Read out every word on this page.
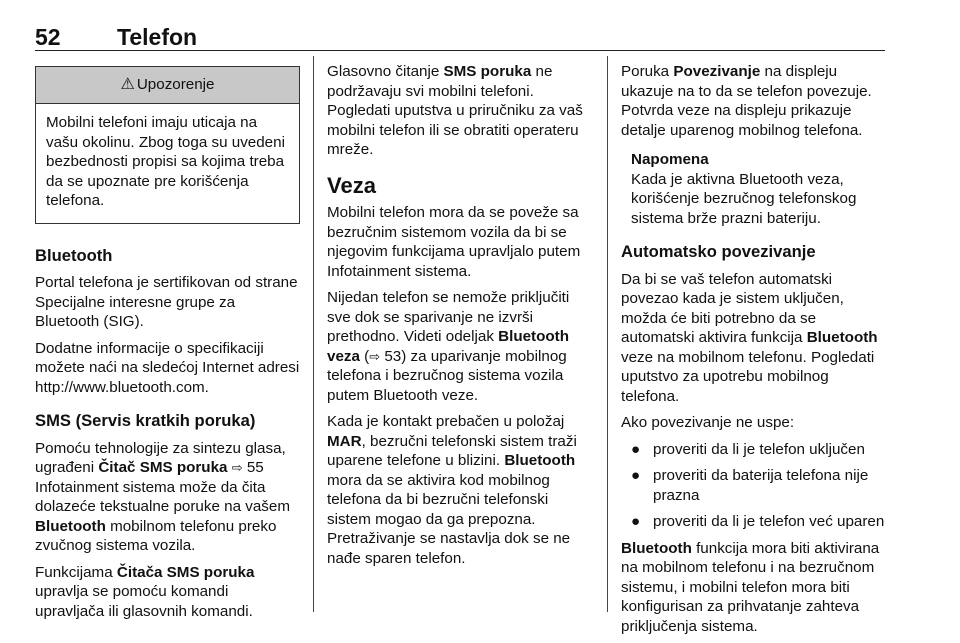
52 Telefon
⚠ Upozorenje
Mobilni telefoni imaju uticaja na vašu okolinu. Zbog toga su uvedeni bezbednosti propisi sa kojima treba da se upoznate pre korišćenja telefona.
Bluetooth

Portal telefona je sertifikovan od strane Specijalne interesne grupe za Bluetooth (SIG).

Dodatne informacije o specifikaciji možete naći na sledećoj Internet adresi http://www.bluetooth.com.

SMS (Servis kratkih poruka)

Pomoću tehnologije za sintezu glasa, ugrađeni Čitač SMS poruka ⇨ 55
Infotainment sistema može da čita dolazeće tekstualne poruke na vašem Bluetooth mobilnom telefonu preko zvučnog sistema vozila.

Funkcijama Čitača SMS poruka upravlja se pomoću komandi upravljača ili glasovnih komandi.

Glasovno čitanje SMS poruka ne podržavaju svi mobilni telefoni. Pogledati uputstva u priručniku za vaš mobilni telefon ili se obratiti operateru mreže.

Veza

Mobilni telefon mora da se poveže sa bezručnim sistemom vozila da bi se njegovim funkcijama upravljalo putem Infotainment sistema.

Nijedan telefon se nemože priključiti sve dok se sparivanje ne izvrši prethodno. Videti odeljak Bluetooth veza (⇨ 53) za uparivanje mobilnog telefona i bezručnog sistema vozila putem Bluetooth veze.

Kada je kontakt prebačen u položaj MAR, bezručni telefonski sistem traži uparene telefone u blizini. Bluetooth mora da se aktivira kod mobilnog telefona da bi bezručni telefonski sistem mogao da ga prepozna. Pretraživanje se nastavlja dok se ne nađe sparen telefon.

Poruka Povezivanje na displeju ukazuje na to da se telefon povezuje. Potvrda veze na displeju prikazuje detalje uparenog mobilnog telefona.

Napomena
Kada je aktivna Bluetooth veza, korišćenje bezručnog telefonskog sistema brže prazni bateriju.
Automatsko povezivanje

Da bi se vaš telefon automatski povezao kada je sistem uključen, možda će biti potrebno da se automatski aktivira funkcija Bluetooth veze na mobilnom telefonu. Pogledati uputstvo za upotrebu mobilnog telefona.

Ako povezivanje ne uspe:

● proveriti da li je telefon uključen
● proveriti da baterija telefona nije prazna
● proveriti da li je telefon već uparen

Bluetooth funkcija mora biti aktivirana na mobilnom telefonu i na bezručnom sistemu, i mobilni telefon mora biti konfigurisan za prihvatanje zahteva priključenja sistema.
